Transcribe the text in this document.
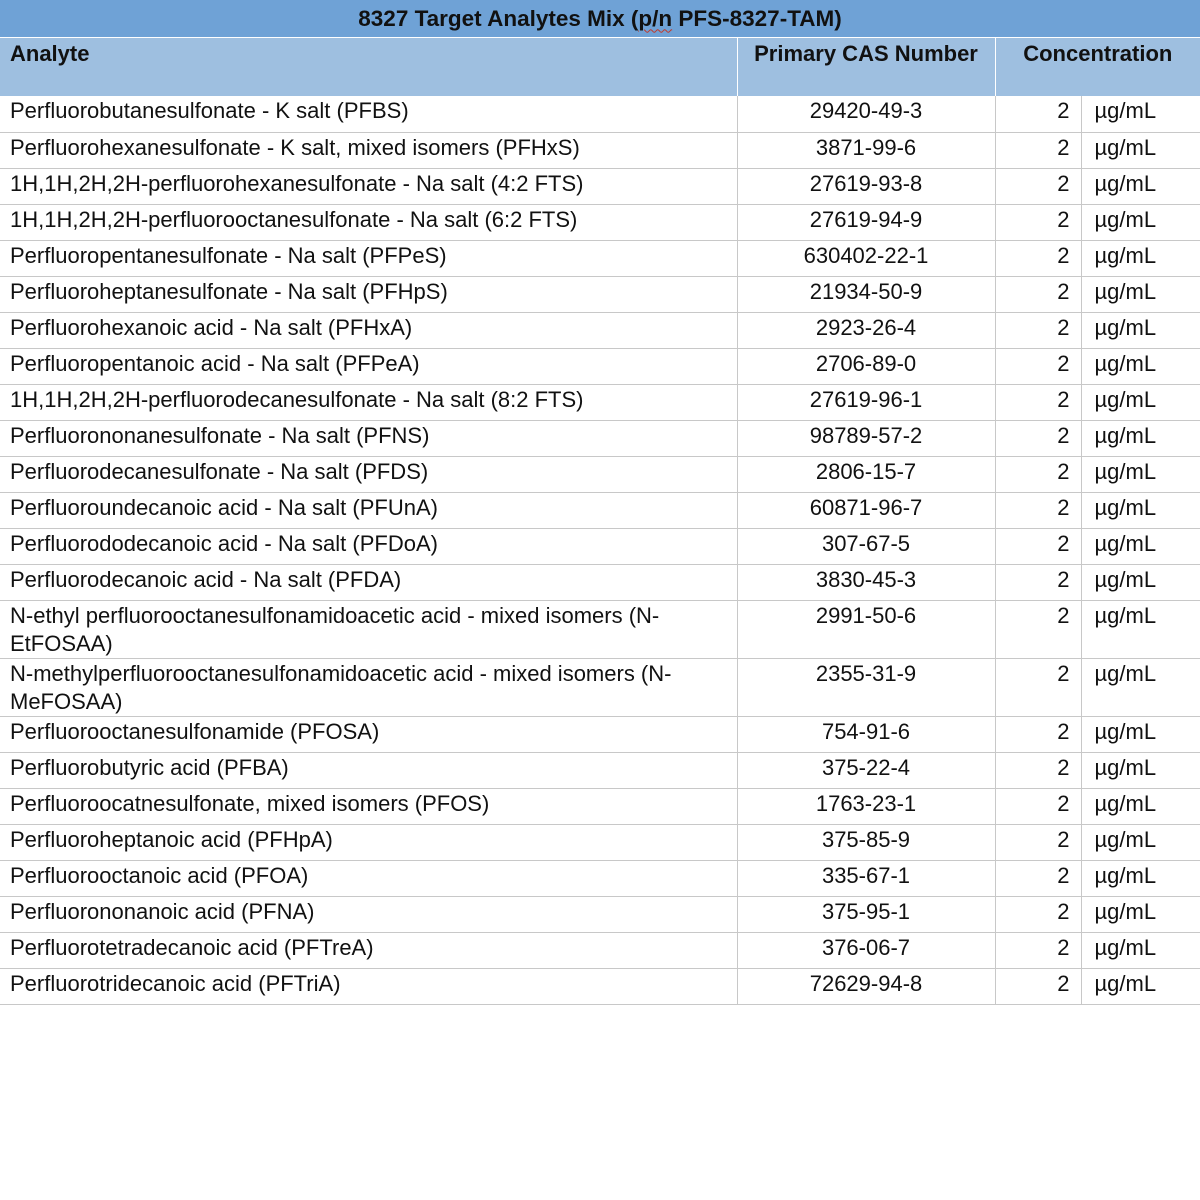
8327 Target Analytes Mix (p/n PFS-8327-TAM)			
Analyte	Primary CAS Number	Concentration	
Perfluorobutanesulfonate - K salt (PFBS)	29420-49-3	2	µg/mL
Perfluorohexanesulfonate - K salt, mixed isomers (PFHxS)	3871-99-6	2	µg/mL
1H,1H,2H,2H-perfluorohexanesulfonate - Na salt (4:2 FTS)	27619-93-8	2	µg/mL
1H,1H,2H,2H-perfluorooctanesulfonate - Na salt (6:2 FTS)	27619-94-9	2	µg/mL
Perfluoropentanesulfonate - Na salt (PFPeS)	630402-22-1	2	µg/mL
Perfluoroheptanesulfonate - Na salt (PFHpS)	21934-50-9	2	µg/mL
Perfluorohexanoic acid - Na salt (PFHxA)	2923-26-4	2	µg/mL
Perfluoropentanoic acid - Na salt (PFPeA)	2706-89-0	2	µg/mL
1H,1H,2H,2H-perfluorodecanesulfonate - Na salt (8:2 FTS)	27619-96-1	2	µg/mL
Perfluorononanesulfonate - Na salt (PFNS)	98789-57-2	2	µg/mL
Perfluorodecanesulfonate - Na salt (PFDS)	2806-15-7	2	µg/mL
Perfluoroundecanoic acid - Na salt (PFUnA)	60871-96-7	2	µg/mL
Perfluorododecanoic acid - Na salt (PFDoA)	307-67-5	2	µg/mL
Perfluorodecanoic acid - Na salt (PFDA)	3830-45-3	2	µg/mL
N-ethyl perfluorooctanesulfonamidoacetic acid - mixed isomers (N-EtFOSAA)	2991-50-6	2	µg/mL
N-methylperfluorooctanesulfonamidoacetic acid - mixed isomers (N-MeFOSAA)	2355-31-9	2	µg/mL
Perfluorooctanesulfonamide (PFOSA)	754-91-6	2	µg/mL
Perfluorobutyric acid (PFBA)	375-22-4	2	µg/mL
Perfluoroocatnesulfonate, mixed isomers (PFOS)	1763-23-1	2	µg/mL
Perfluoroheptanoic acid (PFHpA)	375-85-9	2	µg/mL
Perfluorooctanoic acid (PFOA)	335-67-1	2	µg/mL
Perfluorononanoic acid (PFNA)	375-95-1	2	µg/mL
Perfluorotetradecanoic acid (PFTreA)	376-06-7	2	µg/mL
Perfluorotridecanoic acid (PFTriA)	72629-94-8	2	µg/mL
